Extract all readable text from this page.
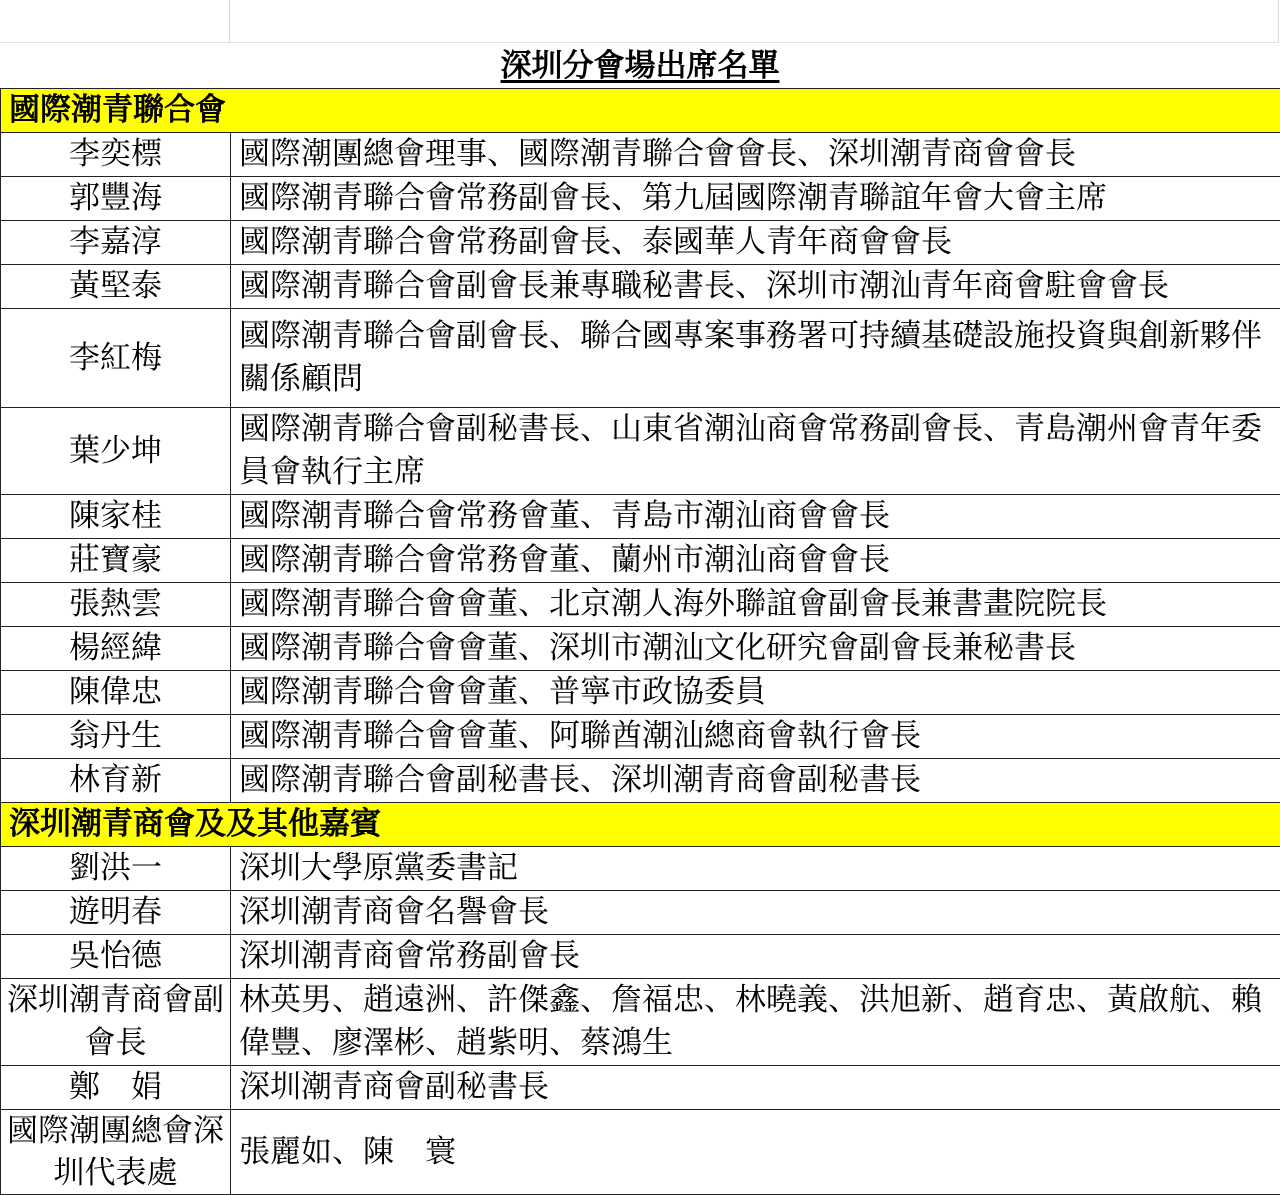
深圳分會場出席名單
國際潮青聯合會	
李奕標	國際潮團總會理事、國際潮青聯合會會長、深圳潮青商會會長
郭豐海	國際潮青聯合會常務副會長、第九屆國際潮青聯誼年會大會主席
李嘉淳	國際潮青聯合會常務副會長、泰國華人青年商會會長
黃堅泰	國際潮青聯合會副會長兼專職秘書長、深圳市潮汕青年商會駐會會長
李紅梅	國際潮青聯合會副會長、聯合國專案事務署可持續基礎設施投資與創新夥伴關係顧問
葉少坤	國際潮青聯合會副秘書長、山東省潮汕商會常務副會長、青島潮州會青年委員會執行主席
陳家桂	國際潮青聯合會常務會董、青島市潮汕商會會長
莊寶豪	國際潮青聯合會常務會董、蘭州市潮汕商會會長
張熱雲	國際潮青聯合會會董、北京潮人海外聯誼會副會長兼書畫院院長
楊經緯	國際潮青聯合會會董、深圳市潮汕文化研究會副會長兼秘書長
陳偉忠	國際潮青聯合會會董、普寧市政協委員
翁丹生	國際潮青聯合會會董、阿聯酋潮汕總商會執行會長
林育新	國際潮青聯合會副秘書長、深圳潮青商會副秘書長
深圳潮青商會及及其他嘉賓	
劉洪一	深圳大學原黨委書記
遊明春	深圳潮青商會名譽會長
吳怡德	深圳潮青商會常務副會長
深圳潮青商會副會長	林英男、趙遠洲、許傑鑫、詹福忠、林曉義、洪旭新、趙育忠、黃啟航、賴偉豐、廖澤彬、趙紫明、蔡鴻生
鄭　娟	深圳潮青商會副秘書長
國際潮團總會深圳代表處	張麗如、陳　寰
